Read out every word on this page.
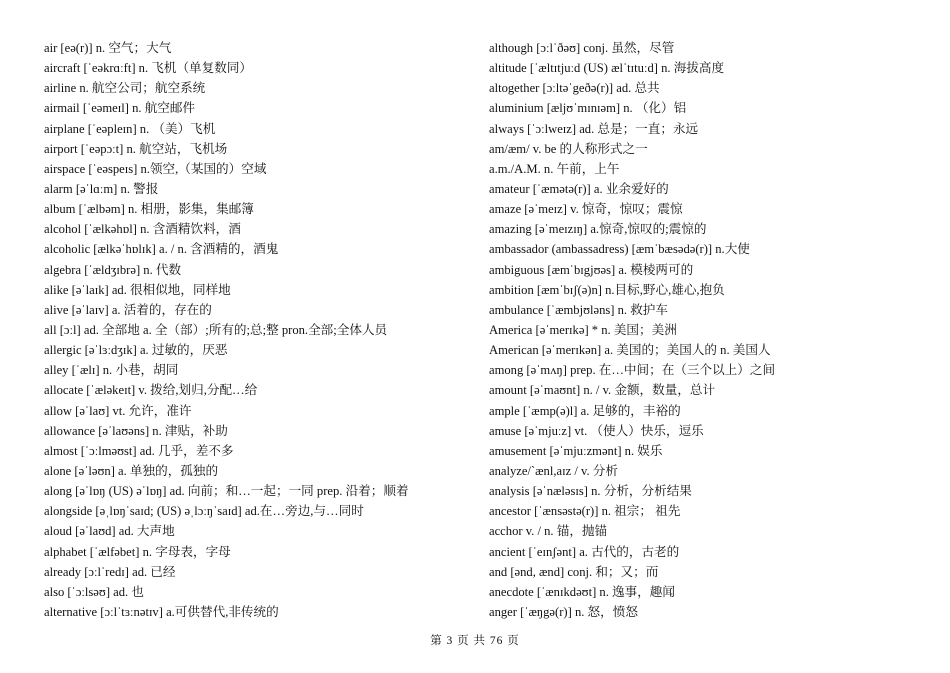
air [eə(r)] n. 空气；大气
aircraft [ˈeəkrɑːft] n. 飞机（单复数同）
airline n. 航空公司；航空系统
airmail [ˈeəmeɪl] n. 航空邮件
airplane [ˈeəpleɪn] n. （美）飞机
airport [ˈeəpɔːt] n. 航空站，飞机场
airspace [ˈeəspeɪs] n.领空,（某国的）空域
alarm [əˈlɑːm] n. 警报
album [ˈælbəm] n. 相册，影集，集邮簿
alcohol [ˈælkəhɒl] n. 含酒精饮料，酒
alcoholic [ælkəˈhɒlɪk] a. / n. 含酒精的，酒鬼
algebra [ˈældʒɪbrə] n. 代数
alike [əˈlaɪk] ad. 很相似地，同样地
alive [əˈlaɪv] a. 活着的，存在的
all [ɔːl] ad. 全部地 a. 全（部）;所有的;总;整 pron.全部;全体人员
allergic [əˈlɜːdʒɪk] a. 过敏的，厌恶
alley [ˈælɪ] n. 小巷，胡同
allocate [ˈæləkeɪt] v. 拨给,划归,分配…给
allow [əˈlaʊ] vt. 允许，准许
allowance [əˈlaʊəns] n. 津贴，补助
almost [ˈɔːlməʊst] ad. 几乎，差不多
alone [əˈləʊn] a. 单独的，孤独的
along [əˈlɒŋ (US) əˈlɒŋ] ad. 向前；和…一起；一同 prep. 沿着；顺着
alongside [əˌlɒŋˈsaɪd; (US) əˌlɔːŋˈsaɪd] ad.在…旁边,与…同时
aloud [əˈlaʊd] ad. 大声地
alphabet [ˈælfəbet] n. 字母表，字母
already [ɔːlˈredɪ] ad. 已经
also [ˈɔːlsəʊ] ad. 也
alternative [ɔːlˈtɜːnətɪv] a.可供替代,非传统的
although [ɔːlˈðəʊ] conj. 虽然，尽管
altitude [ˈæltɪtjuːd (US) ælˈtɪtuːd] n. 海拔高度
altogether [ɔːltəˈgeðə(r)] ad. 总共
aluminium [æljʊˈmɪnɪəm] n. （化）铝
always [ˈɔːlweɪz] ad. 总是；一直；永远
am/æm/ v. be 的人称形式之一
a.m./A.M. n. 午前，上午
amateur [ˈæmətə(r)] a. 业余爱好的
amaze [əˈmeɪz] v. 惊奇，惊叹；震惊
amazing [əˈmeɪzɪŋ] a.惊奇,惊叹的;震惊的
ambassador (ambassadress) [æmˈbæsədə(r)] n.大使
ambiguous [æmˈbɪgjʊəs] a. 模棱两可的
ambition [æmˈbɪʃ(ə)n] n.目标,野心,雄心,抱负
ambulance [ˈæmbjʊləns] n. 救护车
America [əˈmerɪkə] * n. 美国；美洲
American [əˈmerɪkən] a. 美国的；美国人的 n. 美国人
among [əˈmʌŋ] prep. 在…中间；在（三个以上）之间
amount [əˈmaʊnt] n. / v. 金额，数量，总计
ample [ˈæmp(ə)l] a. 足够的，丰裕的
amuse [əˈmjuːz] vt. （使人）快乐，逗乐
amusement [əˈmjuːzmənt] n. 娱乐
analyze/`ænl,aɪz / v. 分析
analysis [əˈnæləsɪs] n. 分析，分析结果
ancestor [ˈænsəstə(r)] n. 祖宗； 祖先
acchor v. / n. 锚，抛锚
ancient [ˈeɪnʃənt] a. 古代的，古老的
and [ənd, ænd] conj. 和；又；而
anecdote [ˈænɪkdəʊt] n. 逸事，趣闻
anger [ˈæŋgə(r)] n. 怒，愤怒
第 3 页 共 76 页
